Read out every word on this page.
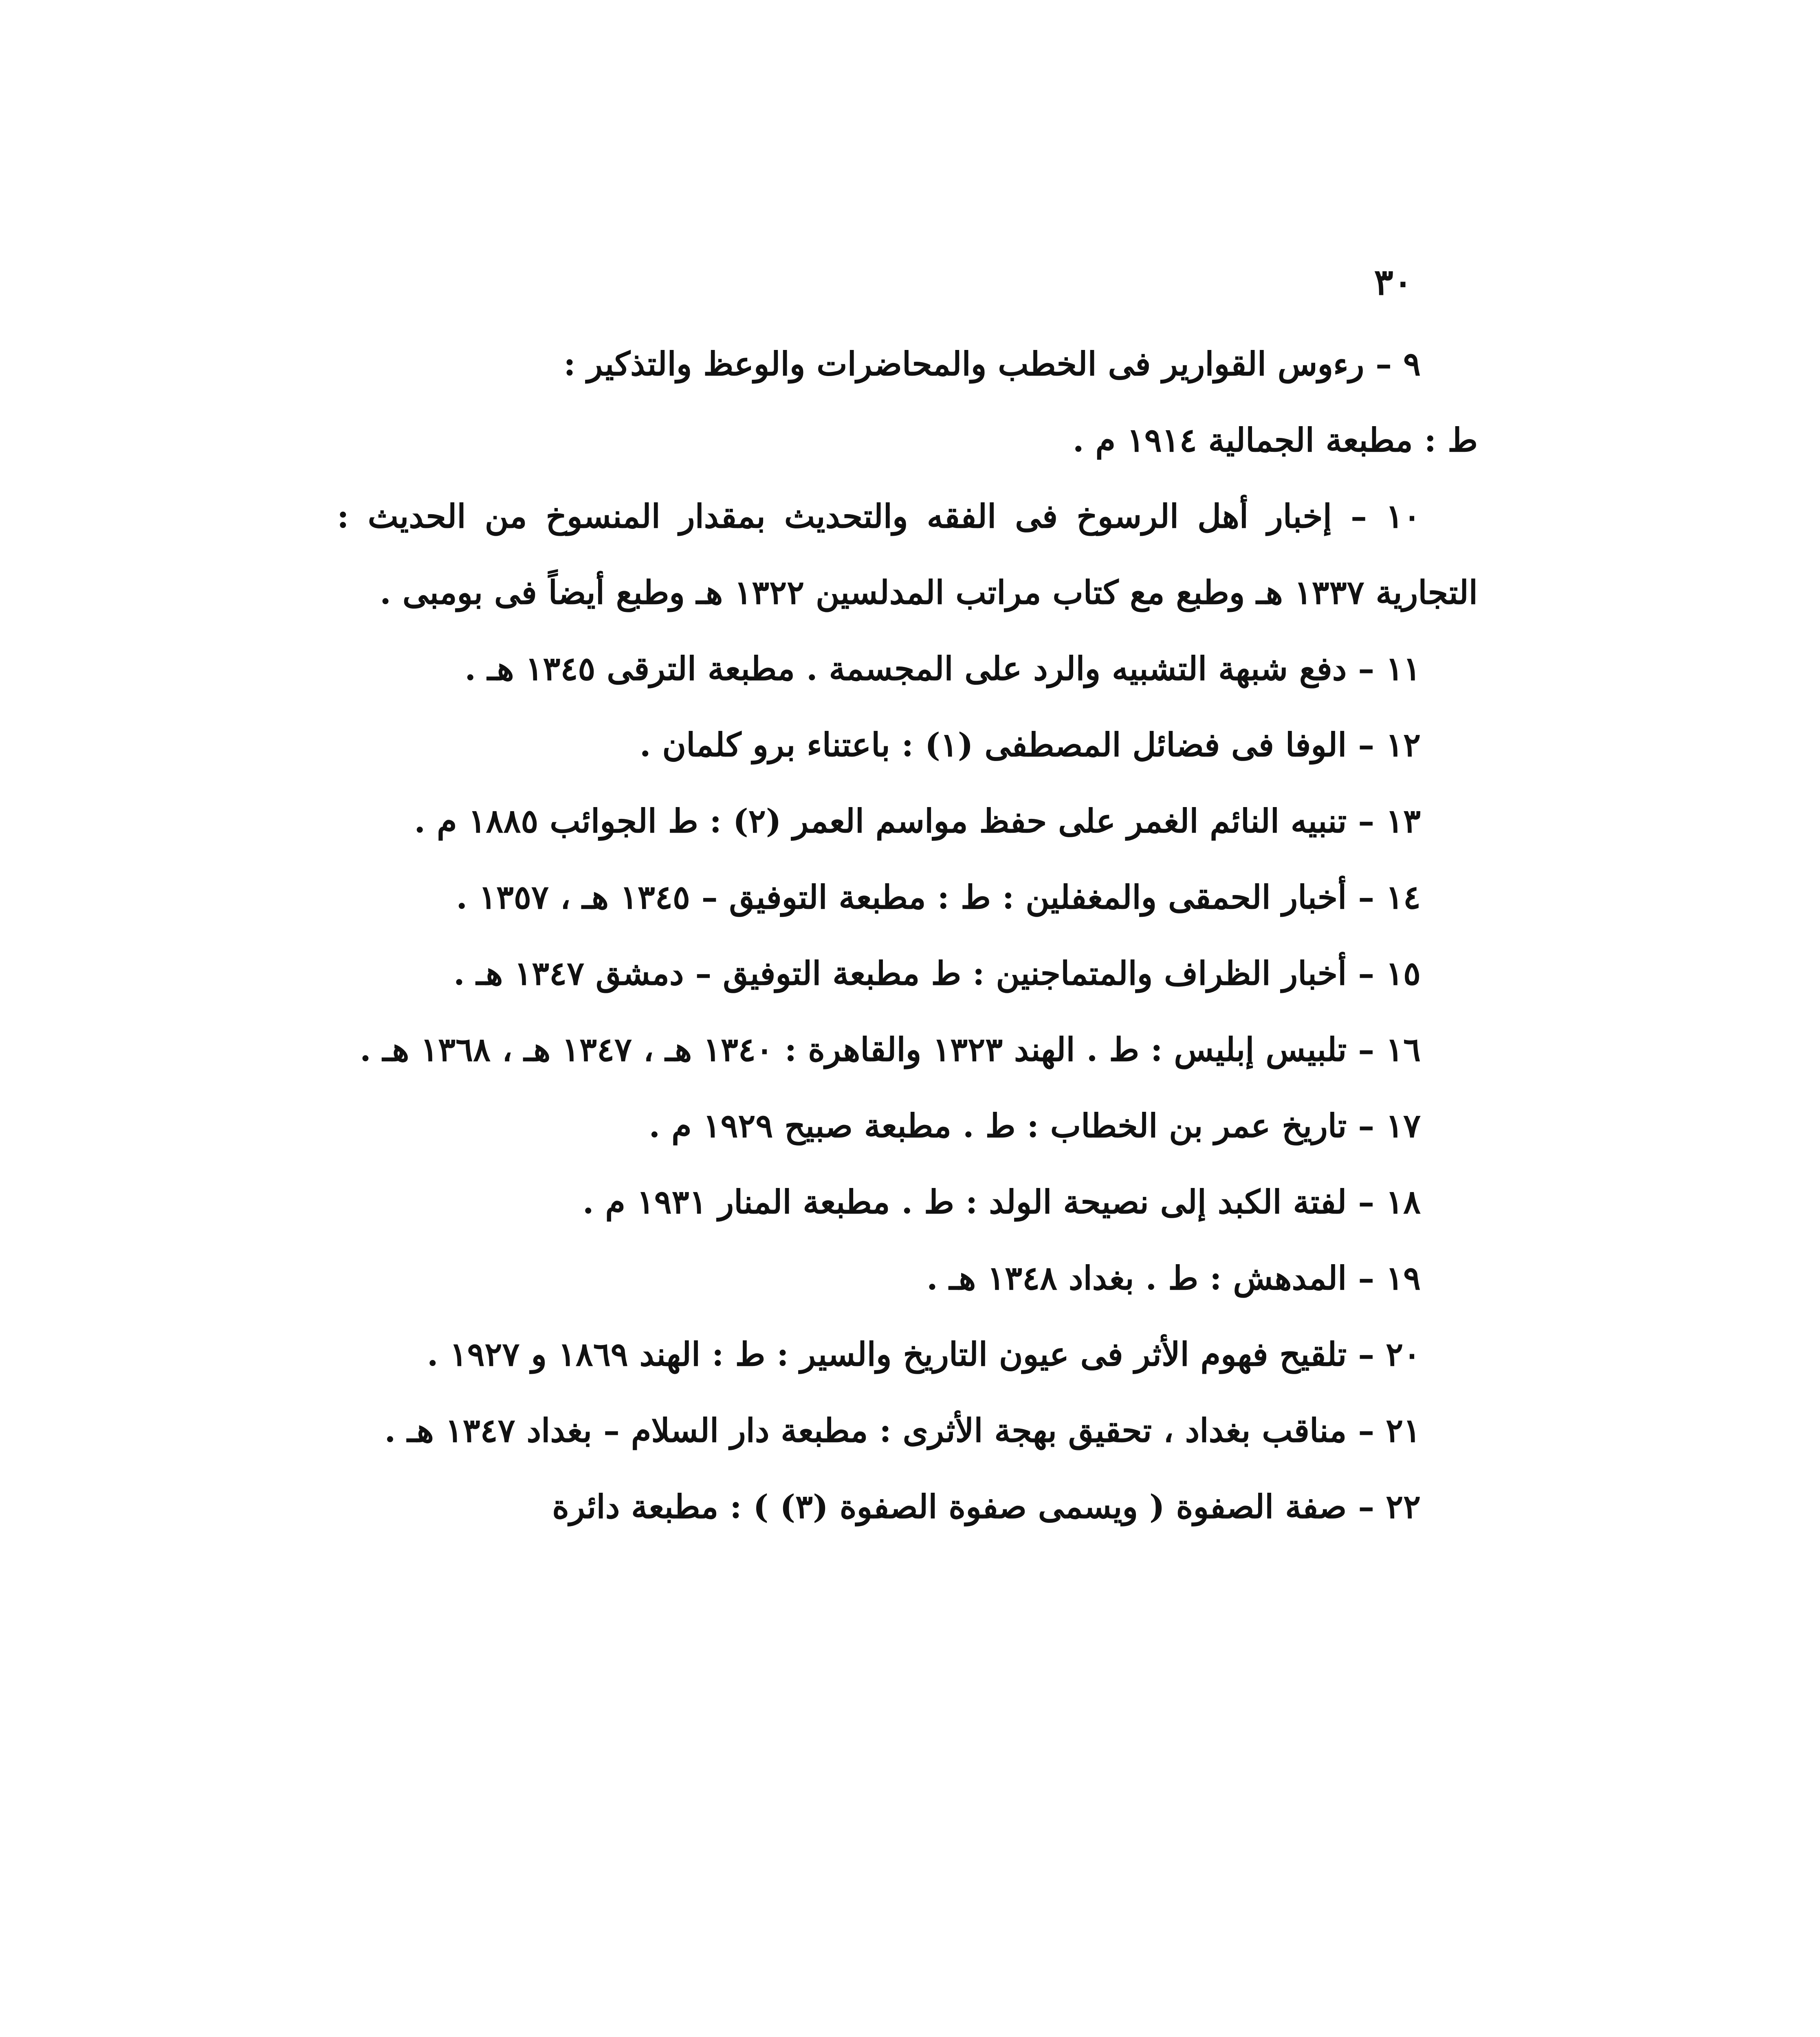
٣٠

٩ – رءوس القوارير فى الخطب والمحاضرات والوعظ والتذكير :

ط : مطبعة الجمالية ١٩١٤ م .

١٠ – إخبار أهل الرسوخ فى الفقه والتحديث بمقدار المنسوخ من الحديث : التجارية ١٣٣٧ هـ وطبع مع كتاب مراتب المدلسين ١٣٢٢ هـ وطبع أيضاً فى بومبى .

١١ – دفع شبهة التشبيه والرد على المجسمة . مطبعة الترقى ١٣٤٥ هـ .

١٢ – الوفا فى فضائل المصطفى (١) : باعتناء برو كلمان .

١٣ – تنبيه النائم الغمر على حفظ مواسم العمر (٢) : ط الجوائب ١٨٨٥ م .

١٤ – أخبار الحمقى والمغفلين : ط : مطبعة التوفيق – ١٣٤٥ هـ ، ١٣٥٧ .

١٥ – أخبار الظراف والمتماجنين : ط مطبعة التوفيق – دمشق ١٣٤٧ هـ .

١٦ – تلبيس إبليس : ط . الهند ١٣٢٣ والقاهرة : ١٣٤٠ هـ ، ١٣٤٧ هـ ، ١٣٦٨ هـ .

١٧ – تاريخ عمر بن الخطاب : ط . مطبعة صبيح ١٩٢٩ م .

١٨ – لفتة الكبد إلى نصيحة الولد : ط . مطبعة المنار ١٩٣١ م .

١٩ – المدهش : ط . بغداد ١٣٤٨ هـ .

٢٠ – تلقيح فهوم الأثر فى عيون التاريخ والسير : ط : الهند ١٨٦٩ و ١٩٢٧ .

٢١ – مناقب بغداد ، تحقيق بهجة الأثرى : مطبعة دار السلام – بغداد ١٣٤٧ هـ .

٢٢ – صفة الصفوة ( ويسمى صفوة الصفوة (٣) ) : مطبعة دائرة
